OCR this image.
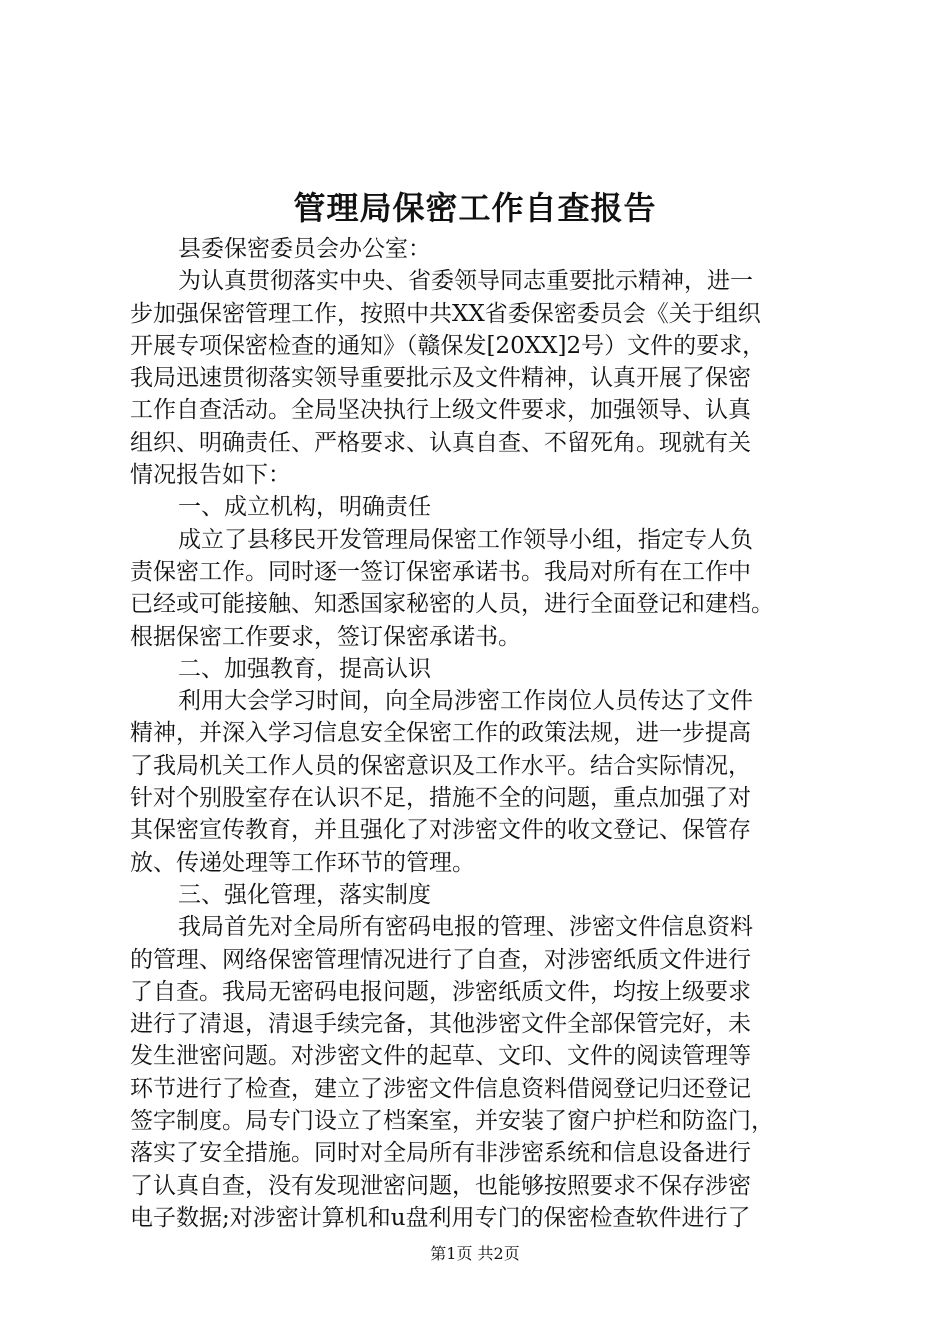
管理局保密工作自查报告
县委保密委员会办公室：
为认真贯彻落实中央、省委领导同志重要批示精神，进一
步加强保密管理工作，按照中共XX省委保密委员会《关于组织
开展专项保密检查的通知》（赣保发[20XX]2号）文件的要求，
我局迅速贯彻落实领导重要批示及文件精神，认真开展了保密
工作自查活动。全局坚决执行上级文件要求，加强领导、认真
组织、明确责任、严格要求、认真自查、不留死角。现就有关
情况报告如下：
一、成立机构，明确责任
成立了县移民开发管理局保密工作领导小组，指定专人负
责保密工作。同时逐一签订保密承诺书。我局对所有在工作中
已经或可能接触、知悉国家秘密的人员，进行全面登记和建档。
根据保密工作要求，签订保密承诺书。
二、加强教育，提高认识
利用大会学习时间，向全局涉密工作岗位人员传达了文件
精神，并深入学习信息安全保密工作的政策法规，进一步提高
了我局机关工作人员的保密意识及工作水平。结合实际情况，
针对个别股室存在认识不足，措施不全的问题，重点加强了对
其保密宣传教育，并且强化了对涉密文件的收文登记、保管存
放、传递处理等工作环节的管理。
三、强化管理，落实制度
我局首先对全局所有密码电报的管理、涉密文件信息资料
的管理、网络保密管理情况进行了自查，对涉密纸质文件进行
了自查。我局无密码电报问题，涉密纸质文件，均按上级要求
进行了清退，清退手续完备，其他涉密文件全部保管完好，未
发生泄密问题。对涉密文件的起草、文印、文件的阅读管理等
环节进行了检查，建立了涉密文件信息资料借阅登记归还登记
签字制度。局专门设立了档案室，并安装了窗户护栏和防盗门，
落实了安全措施。同时对全局所有非涉密系统和信息设备进行
了认真自查，没有发现泄密问题，也能够按照要求不保存涉密
电子数据;对涉密计算机和u盘利用专门的保密检查软件进行了
第1页 共2页
